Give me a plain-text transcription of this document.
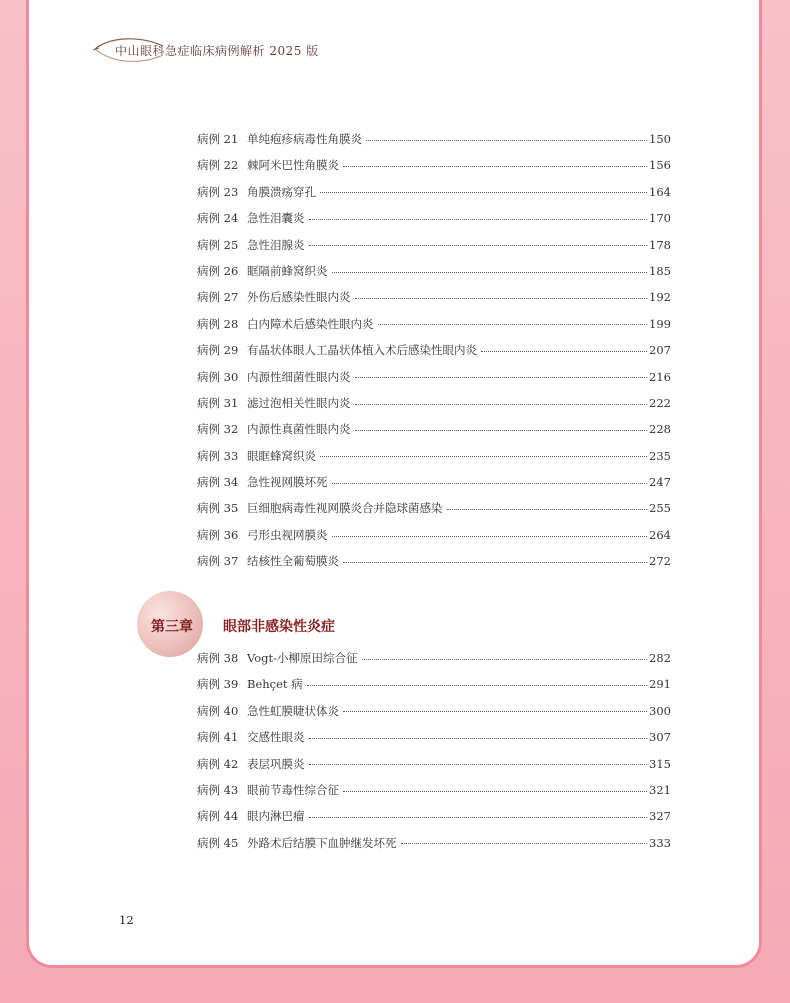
中山眼科急症临床病例解析 2025 版
病例 21 单纯疱疹病毒性角膜炎	150
病例 22 棘阿米巴性角膜炎	156
病例 23 角膜溃疡穿孔	164
病例 24 急性泪囊炎	170
病例 25 急性泪腺炎	178
病例 26 眶隔前蜂窝织炎	185
病例 27 外伤后感染性眼内炎	192
病例 28 白内障术后感染性眼内炎	199
病例 29 有晶状体眼人工晶状体植入术后感染性眼内炎	207
病例 30 内源性细菌性眼内炎	216
病例 31 滤过泡相关性眼内炎	222
病例 32 内源性真菌性眼内炎	228
病例 33 眼眶蜂窝织炎	235
病例 34 急性视网膜坏死	247
病例 35 巨细胞病毒性视网膜炎合并隐球菌感染	255
病例 36 弓形虫视网膜炎	264
病例 37 结核性全葡萄膜炎	272
第三章 眼部非感染性炎症
病例 38 Vogt-小柳原田综合征	282
病例 39 Behçet 病	291
病例 40 急性虹膜睫状体炎	300
病例 41 交感性眼炎	307
病例 42 表层巩膜炎	315
病例 43 眼前节毒性综合征	321
病例 44 眼内淋巴瘤	327
病例 45 外路术后结膜下血肿继发坏死	333
12
